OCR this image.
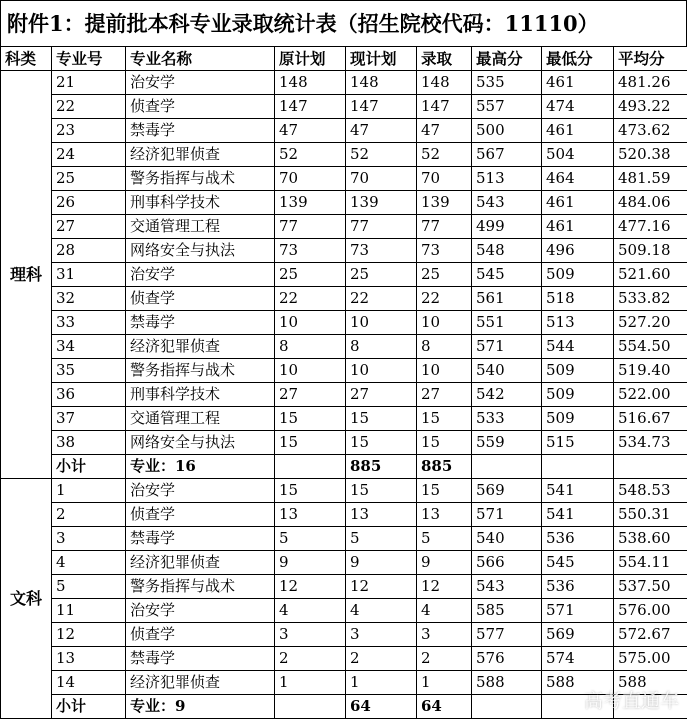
附件1：提前批本科专业录取统计表（招生院校代码：11110）
科类	专业号	专业名称	原计划	现计划	录取	最高分	最低分	平均分
理科	21	治安学	148	148	148	535	461	481.26
	22	侦查学	147	147	147	557	474	493.22
	23	禁毒学	47	47	47	500	461	473.62
	24	经济犯罪侦查	52	52	52	567	504	520.38
	25	警务指挥与战术	70	70	70	513	464	481.59
	26	刑事科学技术	139	139	139	543	461	484.06
	27	交通管理工程	77	77	77	499	461	477.16
	28	网络安全与执法	73	73	73	548	496	509.18
	31	治安学	25	25	25	545	509	521.60
	32	侦查学	22	22	22	561	518	533.82
	33	禁毒学	10	10	10	551	513	527.20
	34	经济犯罪侦查	8	8	8	571	544	554.50
	35	警务指挥与战术	10	10	10	540	509	519.40
	36	刑事科学技术	27	27	27	542	509	522.00
	37	交通管理工程	15	15	15	533	509	516.67
	38	网络安全与执法	15	15	15	559	515	534.73
	小计	专业：16		885	885			
文科	1	治安学	15	15	15	569	541	548.53
	2	侦查学	13	13	13	571	541	550.31
	3	禁毒学	5	5	5	540	536	538.60
	4	经济犯罪侦查	9	9	9	566	545	554.11
	5	警务指挥与战术	12	12	12	543	536	537.50
	11	治安学	4	4	4	585	571	576.00
	12	侦查学	3	3	3	577	569	572.67
	13	禁毒学	2	2	2	576	574	575.00
	14	经济犯罪侦查	1	1	1	588	588	588
	小计	专业：9		64	64				高考直通车
